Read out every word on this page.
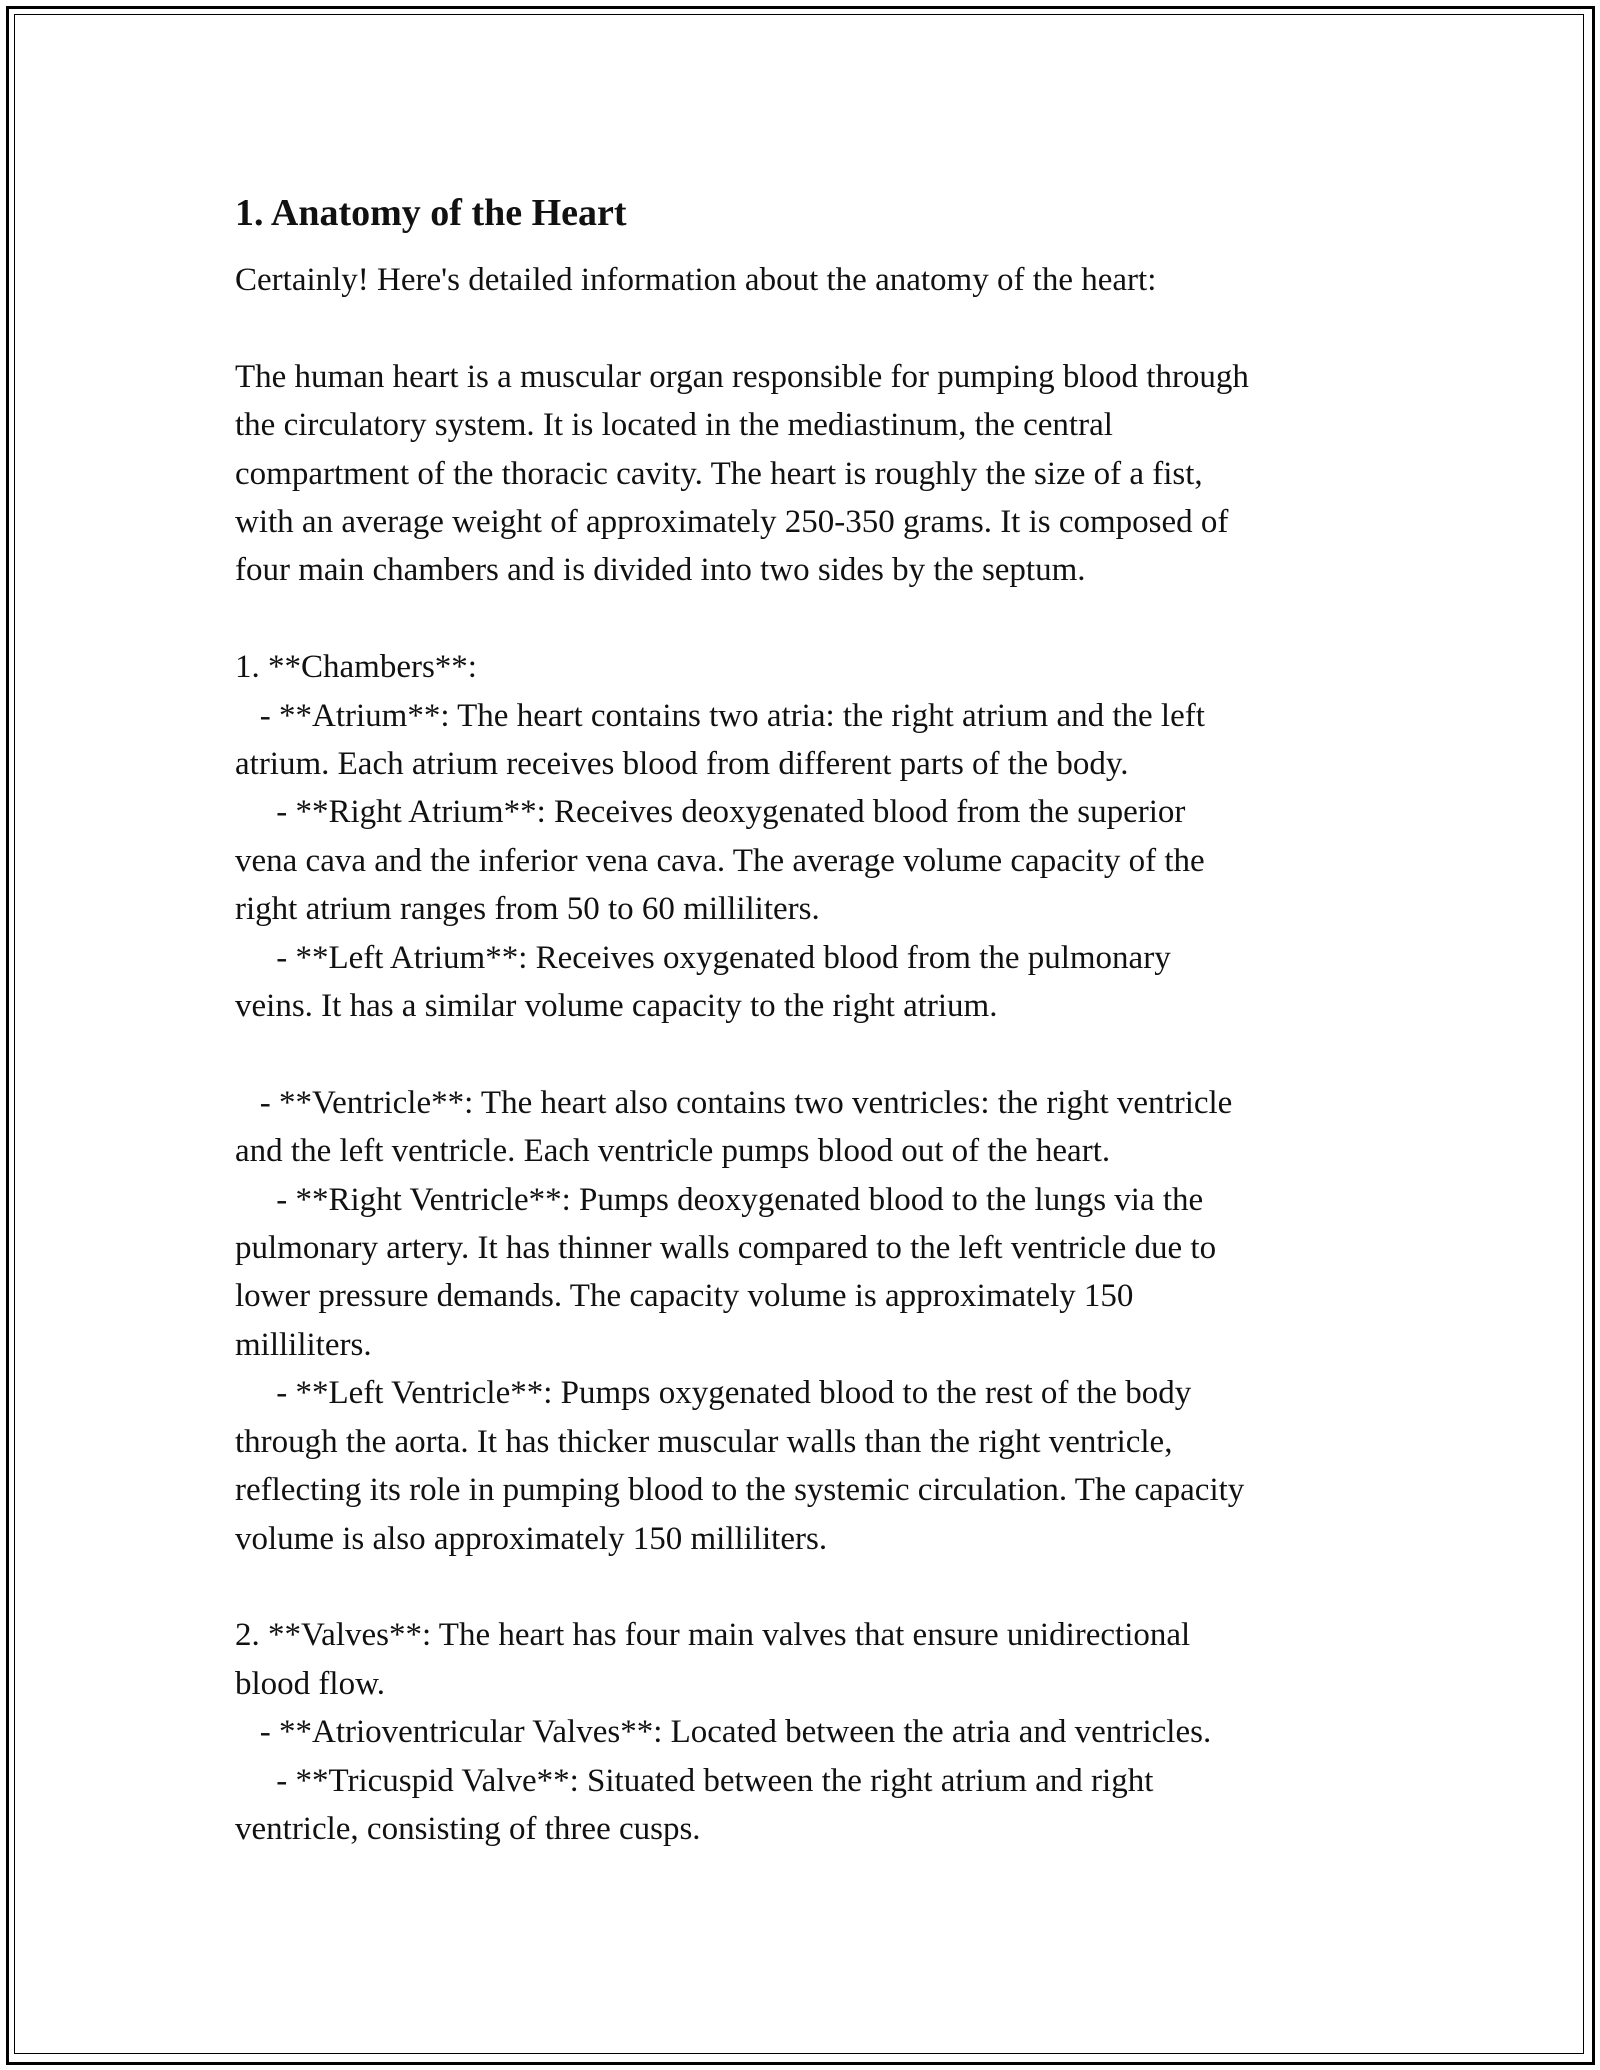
1. Anatomy of the Heart

Certainly! Here's detailed information about the anatomy of the heart:

The human heart is a muscular organ responsible for pumping blood through

the circulatory system. It is located in the mediastinum, the central

compartment of the thoracic cavity. The heart is roughly the size of a fist,

with an average weight of approximately 250-350 grams. It is composed of

four main chambers and is divided into two sides by the septum.

1. **Chambers**:

- **Atrium**: The heart contains two atria: the right atrium and the left

atrium. Each atrium receives blood from different parts of the body.

- **Right Atrium**: Receives deoxygenated blood from the superior

vena cava and the inferior vena cava. The average volume capacity of the

right atrium ranges from 50 to 60 milliliters.

- **Left Atrium**: Receives oxygenated blood from the pulmonary

veins. It has a similar volume capacity to the right atrium.

- **Ventricle**: The heart also contains two ventricles: the right ventricle

and the left ventricle. Each ventricle pumps blood out of the heart.

- **Right Ventricle**: Pumps deoxygenated blood to the lungs via the

pulmonary artery. It has thinner walls compared to the left ventricle due to

lower pressure demands. The capacity volume is approximately 150

milliliters.

- **Left Ventricle**: Pumps oxygenated blood to the rest of the body

through the aorta. It has thicker muscular walls than the right ventricle,

reflecting its role in pumping blood to the systemic circulation. The capacity

volume is also approximately 150 milliliters.

2. **Valves**: The heart has four main valves that ensure unidirectional

blood flow.

- **Atrioventricular Valves**: Located between the atria and ventricles.

- **Tricuspid Valve**: Situated between the right atrium and right

ventricle, consisting of three cusps.
